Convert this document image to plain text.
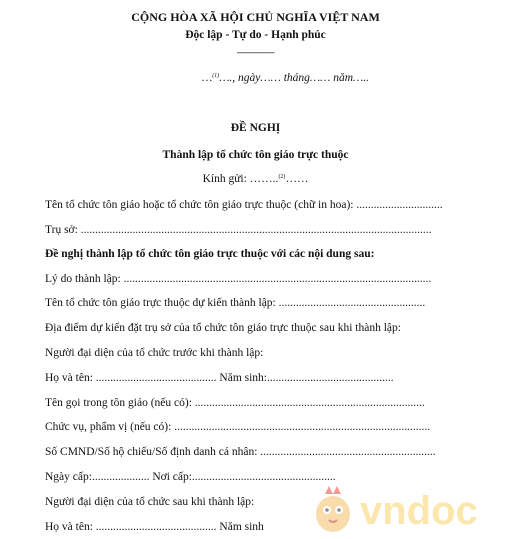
CỘNG HÒA XÃ HỘI CHỦ NGHĨA VIỆT NAM
Độc lập - Tự do - Hạnh phúc
---------------
…$^{(1)}$…., ngày…… tháng…… năm…..
ĐỀ NGHỊ
Thành lập tổ chức tôn giáo trực thuộc
Kính gửi: ……..$^{(2)}$……
Tên tổ chức tôn giáo hoặc tổ chức tôn giáo trực thuộc (chữ in hoa): ..............................
Trụ sở: ..........................................................................................................................
Đề nghị thành lập tổ chức tôn giáo trực thuộc với các nội dung sau:
Lý do thành lập: ...........................................................................................................
Tên tổ chức tôn giáo trực thuộc dự kiến thành lập: ...................................................
Địa điểm dự kiến đặt trụ sở của tổ chức tôn giáo trực thuộc sau khi thành lập:
Người đại diện của tổ chức trước khi thành lập:
Họ và tên: .......................................... Năm sinh:............................................
Tên gọi trong tôn giáo (nếu có): ................................................................................
Chức vụ, phẩm vị (nếu có): .........................................................................................
Số CMND/Số hộ chiếu/Số định danh cá nhân: .............................................................
Ngày cấp:.................... Nơi cấp:..................................................
Người đại diện của tổ chức sau khi thành lập:
Họ và tên: .......................................... Năm sinh	vndoc
